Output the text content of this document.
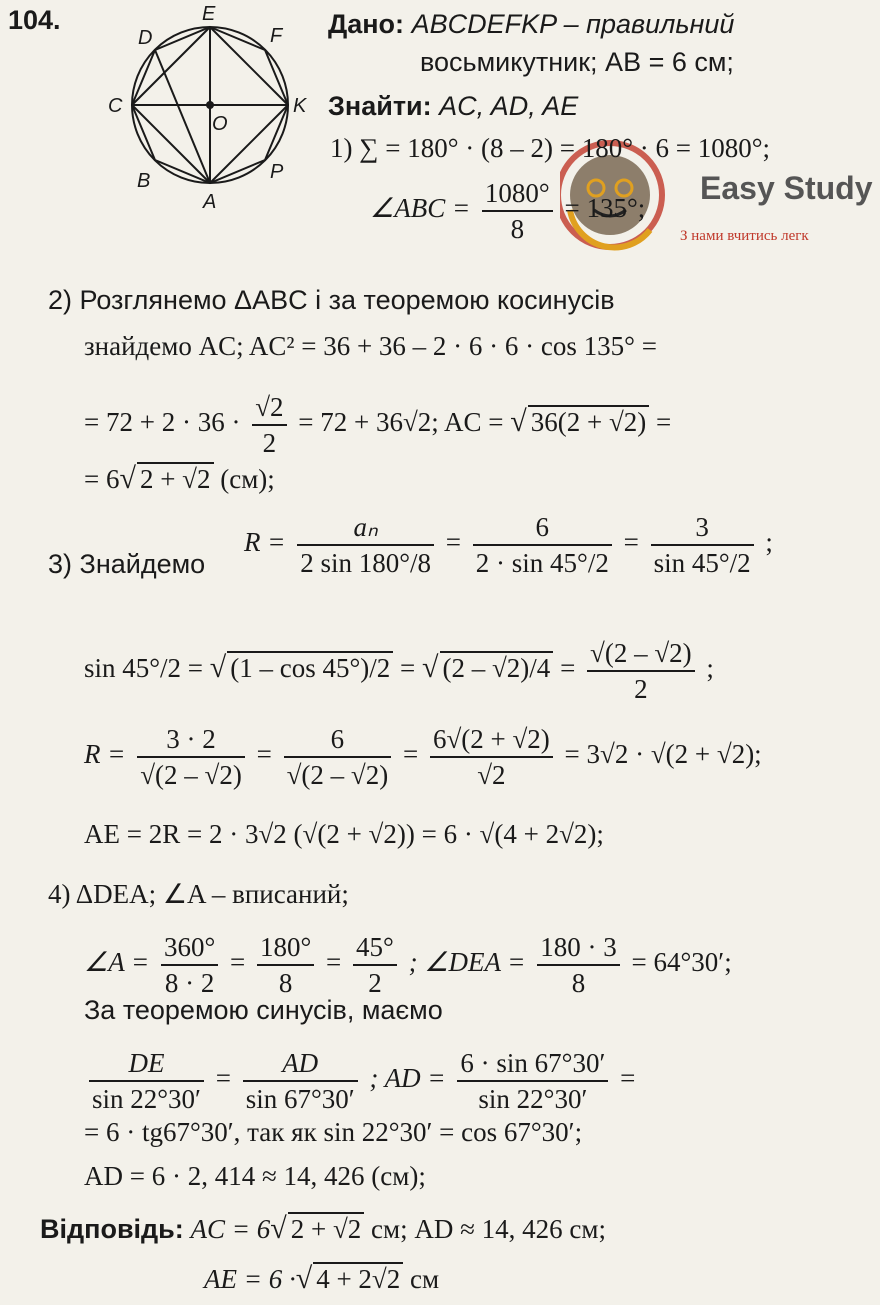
104.	E
F
K
P
A
B
C
D
O
Дано: ABCDEFKP – правильний
восьмикутник; AB = 6 см;
Знайти: AC, AD, AE
Easy Study
З нами вчитись легк
1) ∑ = 180° · (8 – 2) = 180° · 6 = 1080°;
∠ABC = $\frac{1080^\circ}{8} = 135^\circ$;
2) Розглянемо ΔABC і за теоремою косинусів
знайдемо AC; AC² = 36 + 36 – 2 · 6 · 6 · cos 135° =
= $72 + 2 \cdot 36 \cdot \frac{√2}{2} = 72 + 36√2$; AC = √ 36(2 + √2) =
= 6√ 2 + √2 (см);
3) Знайдемо
$R = \frac{\text{aₙ}}{2 \sin 180^\circ/8} = \frac{6}{2 \cdot \sin 45^\circ/2} = \frac{3}{\sin 45^\circ/2}$ ;
sin 45°/2 = √ (1 – cos 45°)/2 = √ $(2 - √2)/4 = \frac{√(2 - √2)}{2}$ ;
$R = \frac{3 \cdot 2}{√(2 - √2)} = \frac{6}{√(2 - √2)} = \frac{6√(2 + √2)}{√2} = 3√2 \cdot √(2 + √2)$;
AE = 2R = 2 · 3√2 (√(2 + √2)) = 6 · √(4 + 2√2);
4) ΔDEA; ∠A – вписаний;
∠A = $\frac{360^\circ}{8 \cdot 2} = \frac{180^\circ}{8} = \frac{45^\circ}{2}$ ; ∠DEA = $\frac{180 \cdot 3}{8} = 64^\circ 30'$;
За теоремою синусів, маємо
$\frac{DE}{\sin 22^\circ 30'} = \frac{AD}{\sin 67^\circ 30'}$ ; AD = $\frac{6 \cdot \sin 67^\circ 30'}{\sin 22^\circ 30'}$ =
= 6 · tg67°30′, так як sin 22°30′ = cos 67°30′;
AD = 6 · 2, 414 ≈ 14, 426 (см);
Відповідь: AC = 6√ 2 + √2 см; AD ≈ 14, 426 см;
AE = 6 ·√ 4 + 2√2 см
